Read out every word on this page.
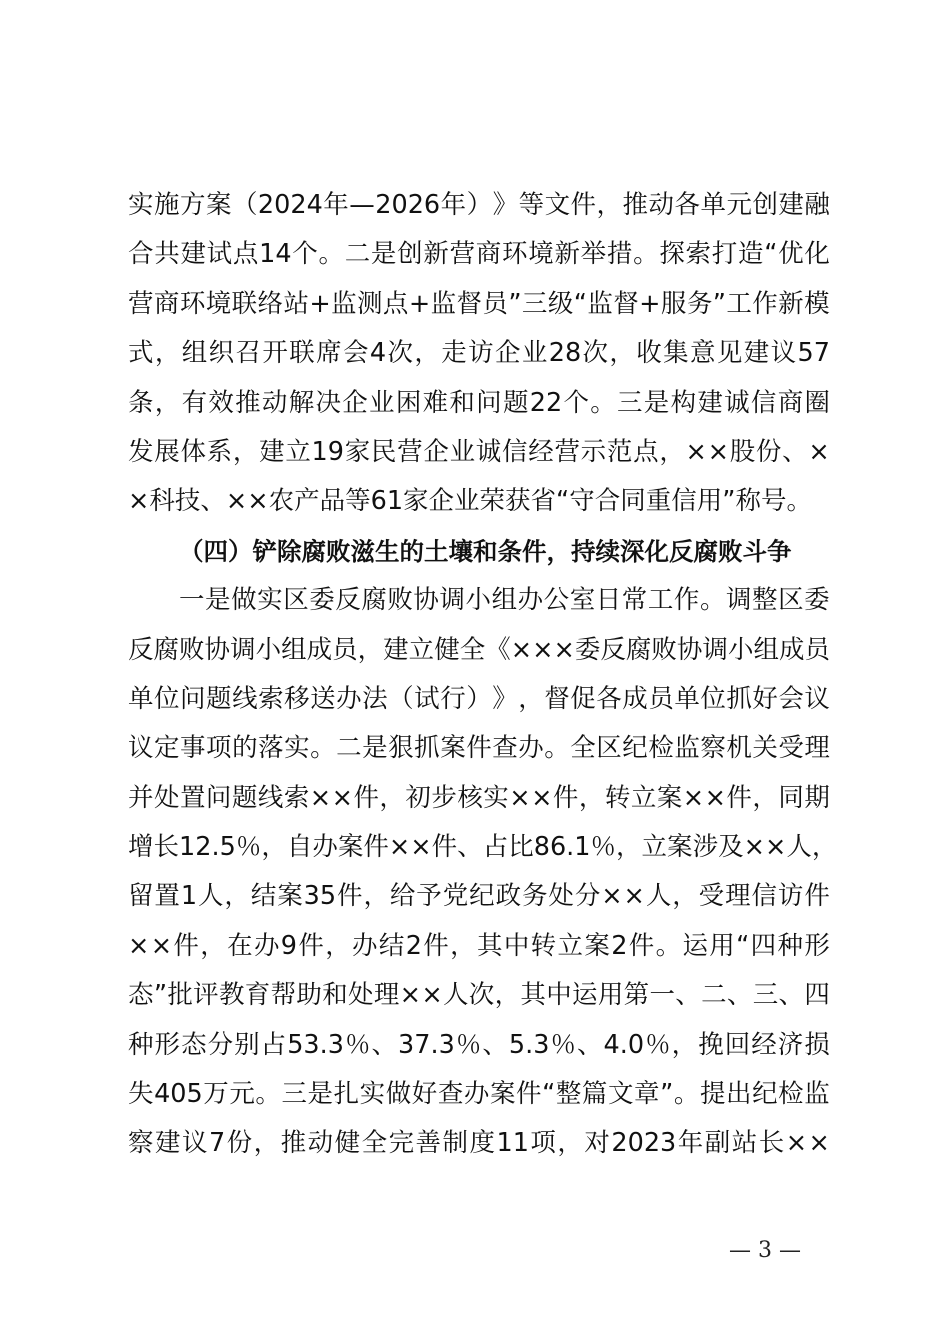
实 施 方 案 （ 2024 年 — 2026 年 ） 》 等 文 件 ， 推 动 各 单 元 创 建 融
合 共 建 试 点 14 个 。 二 是 创 新 营 商 环 境 新 举 措 。 探 索 打 造 “ 优 化
营 商 环 境 联 络 站 + 监 测 点 + 监 督 员 ” 三 级 “ 监 督 + 服 务 ” 工 作 新 模
式 ， 组 织 召 开 联 席 会 4 次 ， 走 访 企 业 28 次 ， 收 集 意 见 建 议 57
条 ， 有 效 推 动 解 决 企 业 困 难 和 问 题 22 个 。 三 是 构 建 诚 信 商 圈
发 展 体 系 ， 建 立 19 家 民 营 企 业 诚 信 经 营 示 范 点 ， × × 股 份 、 ×
×科技、××农产品等61家企业荣获省“守合同重信用”称号。
（四）铲除腐败滋生的土壤和条件，持续深化反腐败斗争
一 是 做 实 区 委 反 腐 败 协 调 小 组 办 公 室 日 常 工 作 。 调 整 区 委
反 腐 败 协 调 小 组 成 员 ， 建 立 健 全 《 × × × 委 反 腐 败 协 调 小 组 成 员
单 位 问 题 线 索 移 送 办 法 （ 试 行 ） 》 ， 督 促 各 成 员 单 位 抓 好 会 议
议 定 事 项 的 落 实 。 二 是 狠 抓 案 件 查 办 。 全 区 纪 检 监 察 机 关 受 理
并 处 置 问 题 线 索 × × 件 ， 初 步 核 实 × × 件 ， 转 立 案 × × 件 ， 同 期
增 长 12.5 ％ ， 自 办 案 件 × × 件 、 占 比 86.1 ％ ， 立 案 涉 及 × × 人 ，
留 置 1 人 ， 结 案 35 件 ， 给 予 党 纪 政 务 处 分 × × 人 ， 受 理 信 访 件
× × 件 ， 在 办 9 件 ， 办 结 2 件 ， 其 中 转 立 案 2 件 。 运 用 “ 四 种 形
态 ” 批 评 教 育 帮 助 和 处 理 × × 人 次 ， 其 中 运 用 第 一 、 二 、 三 、 四
种 形 态 分 别 占 53.3 ％ 、 37.3 ％ 、 5.3 ％ 、 4.0 ％ ， 挽 回 经 济 损
失 405 万 元 。 三 是 扎 实 做 好 查 办 案 件 “ 整 篇 文 章 ” 。 提 出 纪 检 监
察 建 议 7 份 ， 推 动 健 全 完 善 制 度 11 项 ， 对 2023 年 副 站 长 × ×
— 3 —
